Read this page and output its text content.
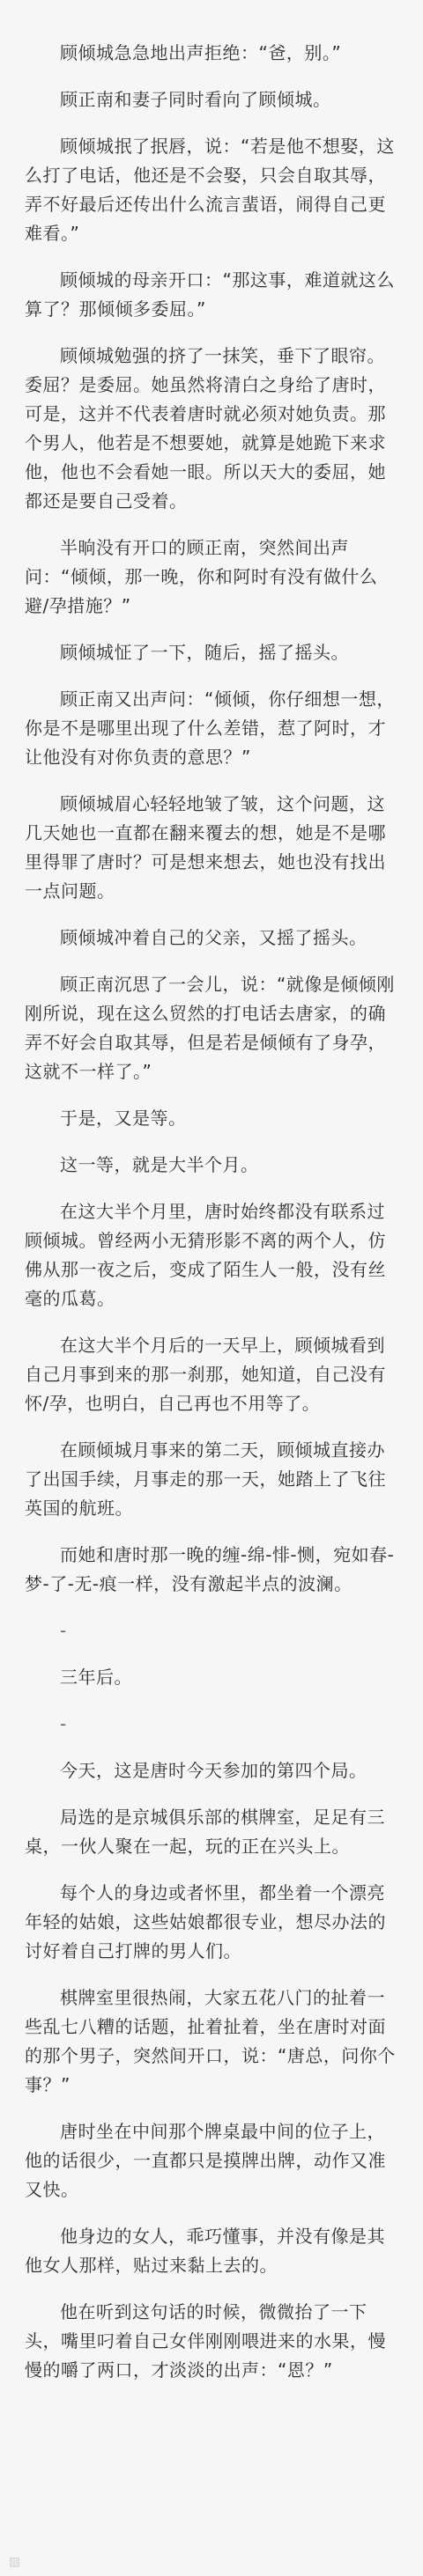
顾倾城急急地出声拒绝：“爸，别。”

顾正南和妻子同时看向了顾倾城。

顾倾城抿了抿唇，说：“若是他不想娶，这么打了电话，他还是不会娶，只会自取其辱，弄不好最后还传出什么流言蜚语，闹得自己更难看。”

顾倾城的母亲开口：“那这事，难道就这么算了？那倾倾多委屈。”

顾倾城勉强的挤了一抹笑，垂下了眼帘。委屈？是委屈。她虽然将清白之身给了唐时，可是，这并不代表着唐时就必须对她负责。那个男人，他若是不想要她，就算是她跪下来求他，他也不会看她一眼。所以天大的委屈，她都还是要自己受着。

半晌没有开口的顾正南，突然间出声问：“倾倾，那一晚，你和阿时有没有做什么避/孕措施？”

顾倾城怔了一下，随后，摇了摇头。

顾正南又出声问：“倾倾，你仔细想一想，你是不是哪里出现了什么差错，惹了阿时，才让他没有对你负责的意思？”

顾倾城眉心轻轻地皱了皱，这个问题，这几天她也一直都在翻来覆去的想，她是不是哪里得罪了唐时？可是想来想去，她也没有找出一点问题。

顾倾城冲着自己的父亲，又摇了摇头。

顾正南沉思了一会儿，说：“就像是倾倾刚刚所说，现在这么贸然的打电话去唐家，的确弄不好会自取其辱，但是若是倾倾有了身孕，这就不一样了。”

于是，又是等。

这一等，就是大半个月。

在这大半个月里，唐时始终都没有联系过顾倾城。曾经两小无猜形影不离的两个人，仿佛从那一夜之后，变成了陌生人一般，没有丝毫的瓜葛。

在这大半个月后的一天早上，顾倾城看到自己月事到来的那一刹那，她知道，自己没有怀/孕，也明白，自己再也不用等了。

在顾倾城月事来的第二天，顾倾城直接办了出国手续，月事走的那一天，她踏上了飞往英国的航班。

而她和唐时那一晚的缠-绵-悱-恻，宛如春-梦-了-无-痕一样，没有激起半点的波澜。

-

三年后。

-

今天，这是唐时今天参加的第四个局。

局选的是京城俱乐部的棋牌室，足足有三桌，一伙人聚在一起，玩的正在兴头上。

每个人的身边或者怀里，都坐着一个漂亮年轻的姑娘，这些姑娘都很专业，想尽办法的讨好着自己打牌的男人们。

棋牌室里很热闹，大家五花八门的扯着一些乱七八糟的话题，扯着扯着，坐在唐时对面的那个男子，突然间开口，说：“唐总，问你个事？”

唐时坐在中间那个牌桌最中间的位子上，他的话很少，一直都只是摸牌出牌，动作又准又快。

他身边的女人，乖巧懂事，并没有像是其他女人那样，贴过来黏上去的。

他在听到这句话的时候，微微抬了一下头，嘴里叼着自己女伴刚刚喂进来的水果，慢慢的嚼了两口，才淡淡的出声：“恩？”

▨
